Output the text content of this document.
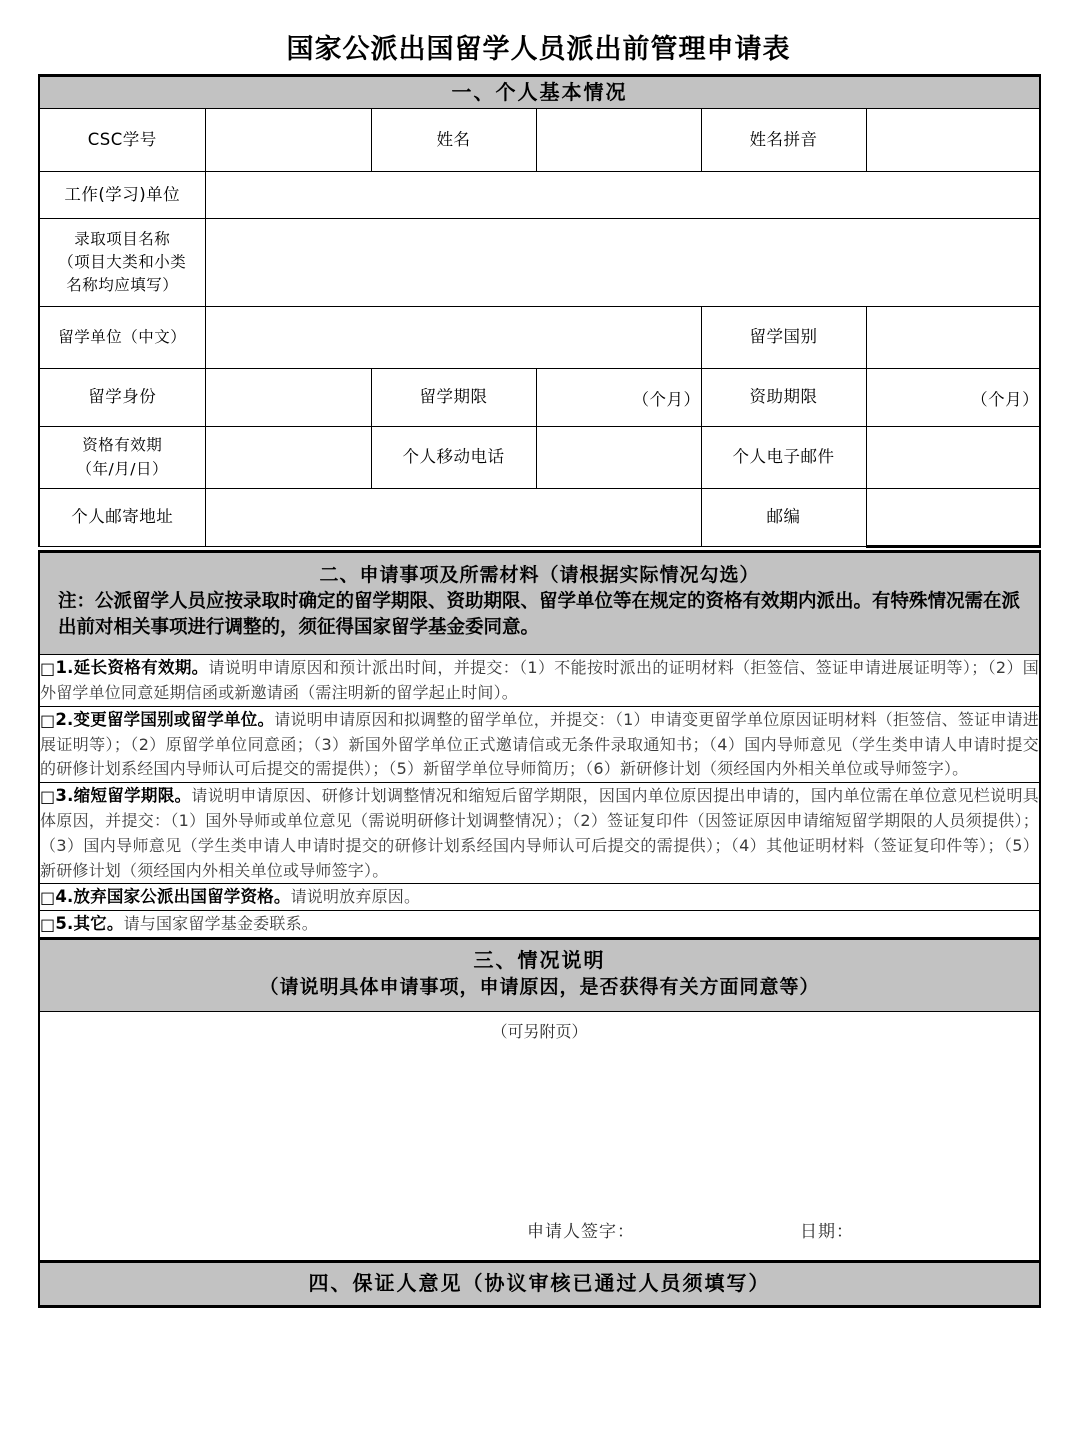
国家公派出国留学人员派出前管理申请表
一、个人基本情况					
CSC学号		姓名		姓名拼音	
工作(学习)单位					

录取项目名称
（项目大类和小类
名称均应填写）					

留学单位（中文）				留学国别	
留学身份		留学期限	（个月）	资助期限	（个月）

资格有效期
（年/月/日）		个人移动电话		个人电子邮件	
个人邮寄地址				邮编	
二、申请事项及所需材料（请根据实际情况勾选）
注：公派留学人员应按录取时确定的留学期限、资助期限、留学单位等在规定的资格有效期内派出。有特殊情况需在派出前对相关事项进行调整的，须征得国家留学基金委同意。

□1.延长资格有效期。请说明申请原因和预计派出时间，并提交：（1）不能按时派出的证明材料（拒签信、签证申请进展证明等）；（2）国外留学单位同意延期信函或新邀请函（需注明新的留学起止时间）。

□2.变更留学国别或留学单位。请说明申请原因和拟调整的留学单位，并提交：（1）申请变更留学单位原因证明材料（拒签信、签证申请进展证明等）；（2）原留学单位同意函；（3）新国外留学单位正式邀请信或无条件录取通知书；（4）国内导师意见（学生类申请人申请时提交的研修计划系经国内导师认可后提交的需提供）；（5）新留学单位导师简历；（6）新研修计划（须经国内外相关单位或导师签字）。

□3.缩短留学期限。请说明申请原因、研修计划调整情况和缩短后留学期限，因国内单位原因提出申请的，国内单位需在单位意见栏说明具体原因，并提交：（1）国外导师或单位意见（需说明研修计划调整情况）；（2）签证复印件（因签证原因申请缩短留学期限的人员须提供）；（3）国内导师意见（学生类申请人申请时提交的研修计划系经国内导师认可后提交的需提供）；（4）其他证明材料（签证复印件等）；（5）新研修计划（须经国内外相关单位或导师签字）。

□4.放弃国家公派出国留学资格。请说明放弃原因。

□5.其它。请与国家留学基金委联系。

三、情况说明
（请说明具体申请事项，申请原因，是否获得有关方面同意等）

（可另附页）
申请人签字：	日期：

四、保证人意见（协议审核已通过人员须填写）
